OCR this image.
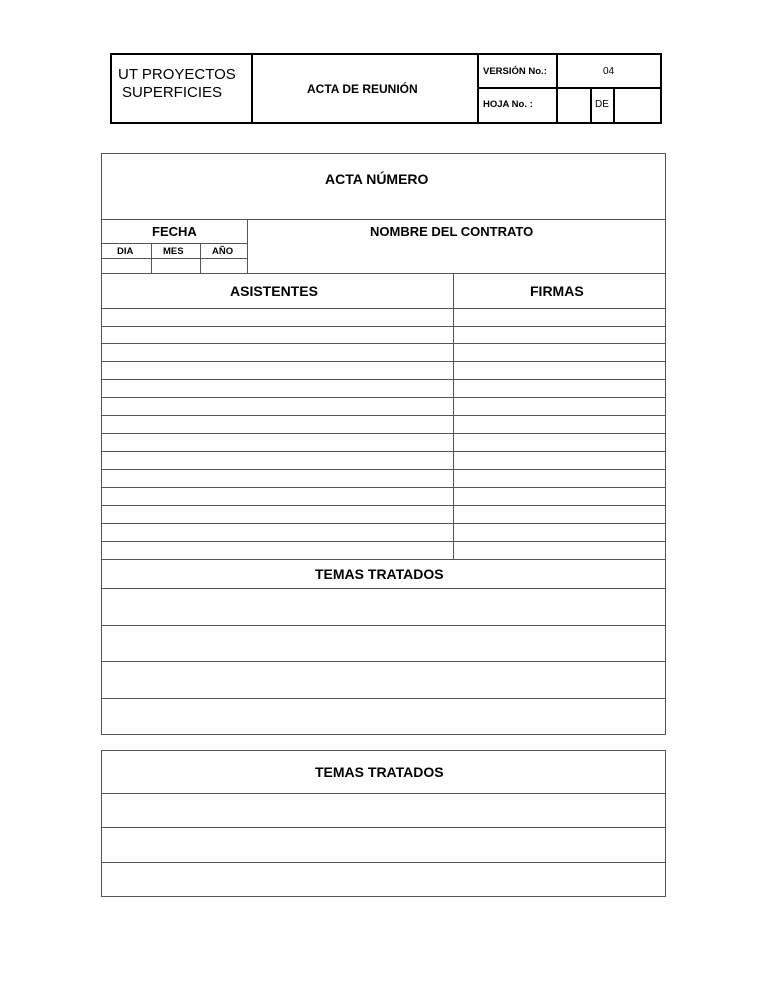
UT PROYECTOS
SUPERFICIES	ACTA DE REUNIÓN
VERSIÓN No.:	04
HOJA No. :	DE
ACTA NÚMERO
FECHA	NOMBRE DEL CONTRATO
DIA	MES	AÑO
ASISTENTES	FIRMAS
TEMAS TRATADOS
TEMAS TRATADOS
